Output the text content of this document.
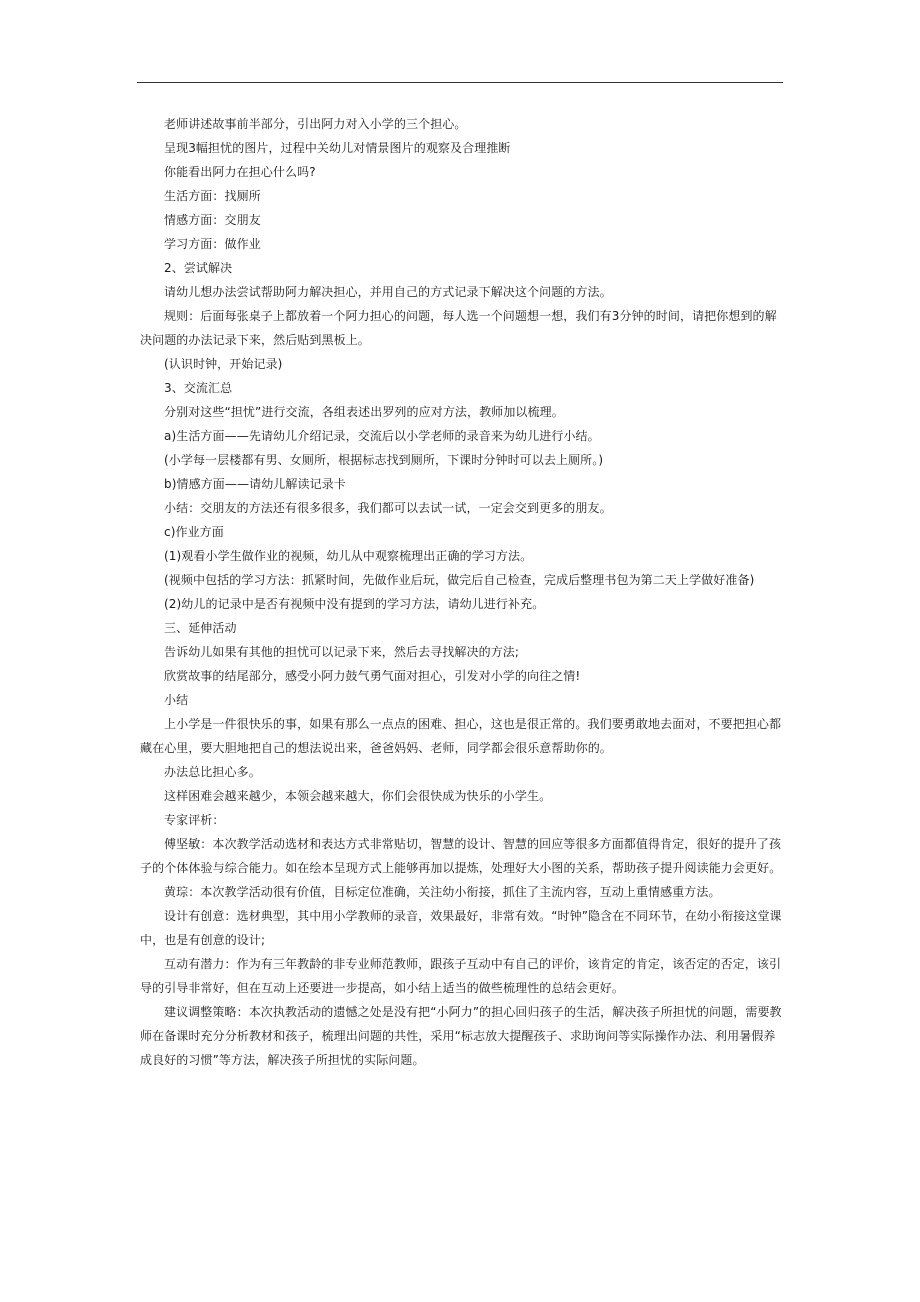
老师讲述故事前半部分，引出阿力对入小学的三个担心。

呈现3幅担忧的图片，过程中关幼儿对情景图片的观察及合理推断

你能看出阿力在担心什么吗?

生活方面：找厕所

情感方面：交朋友

学习方面：做作业

2、尝试解决

请幼儿想办法尝试帮助阿力解决担心，并用自己的方式记录下解决这个问题的方法。

规则：后面每张桌子上都放着一个阿力担心的问题，每人选一个问题想一想，我们有3分钟的时间，请把你想到的解决问题的办法记录下来，然后贴到黑板上。

(认识时钟，开始记录)

3、交流汇总

分别对这些“担忧”进行交流，各组表述出罗列的应对方法，教师加以梳理。

a)生活方面——先请幼儿介绍记录，交流后以小学老师的录音来为幼儿进行小结。

(小学每一层楼都有男、女厕所，根据标志找到厕所，下课时分钟时可以去上厕所。)

b)情感方面——请幼儿解读记录卡

小结：交朋友的方法还有很多很多，我们都可以去试一试，一定会交到更多的朋友。

c)作业方面

(1)观看小学生做作业的视频，幼儿从中观察梳理出正确的学习方法。

(视频中包括的学习方法：抓紧时间，先做作业后玩，做完后自己检查，完成后整理书包为第二天上学做好准备)

(2)幼儿的记录中是否有视频中没有提到的学习方法，请幼儿进行补充。

三、延伸活动

告诉幼儿如果有其他的担忧可以记录下来，然后去寻找解决的方法;

欣赏故事的结尾部分，感受小阿力鼓气勇气面对担心，引发对小学的向往之情!

小结

上小学是一件很快乐的事，如果有那么一点点的困难、担心，这也是很正常的。我们要勇敢地去面对，不要把担心都藏在心里，要大胆地把自己的想法说出来，爸爸妈妈、老师，同学都会很乐意帮助你的。

办法总比担心多。

这样困难会越来越少，本领会越来越大，你们会很快成为快乐的小学生。

专家评析：

傅坚敏：本次教学活动选材和表达方式非常贴切，智慧的设计、智慧的回应等很多方面都值得肯定，很好的提升了孩子的个体体验与综合能力。如在绘本呈现方式上能够再加以提炼，处理好大小图的关系，帮助孩子提升阅读能力会更好。

黄琮：本次教学活动很有价值，目标定位准确，关注幼小衔接，抓住了主流内容，互动上重情感重方法。

设计有创意：选材典型，其中用小学教师的录音，效果最好，非常有效。“时钟”隐含在不同环节，在幼小衔接这堂课中，也是有创意的设计;

互动有潜力：作为有三年教龄的非专业师范教师，跟孩子互动中有自己的评价，该肯定的肯定，该否定的否定，该引导的引导非常好，但在互动上还要进一步提高，如小结上适当的做些梳理性的总结会更好。

建议调整策略：本次执教活动的遗憾之处是没有把“小阿力”的担心回归孩子的生活，解决孩子所担忧的问题，需要教师在备课时充分分析教材和孩子，梳理出问题的共性，采用“标志放大提醒孩子、求助询问等实际操作办法、利用暑假养成良好的习惯”等方法，解决孩子所担忧的实际问题。
